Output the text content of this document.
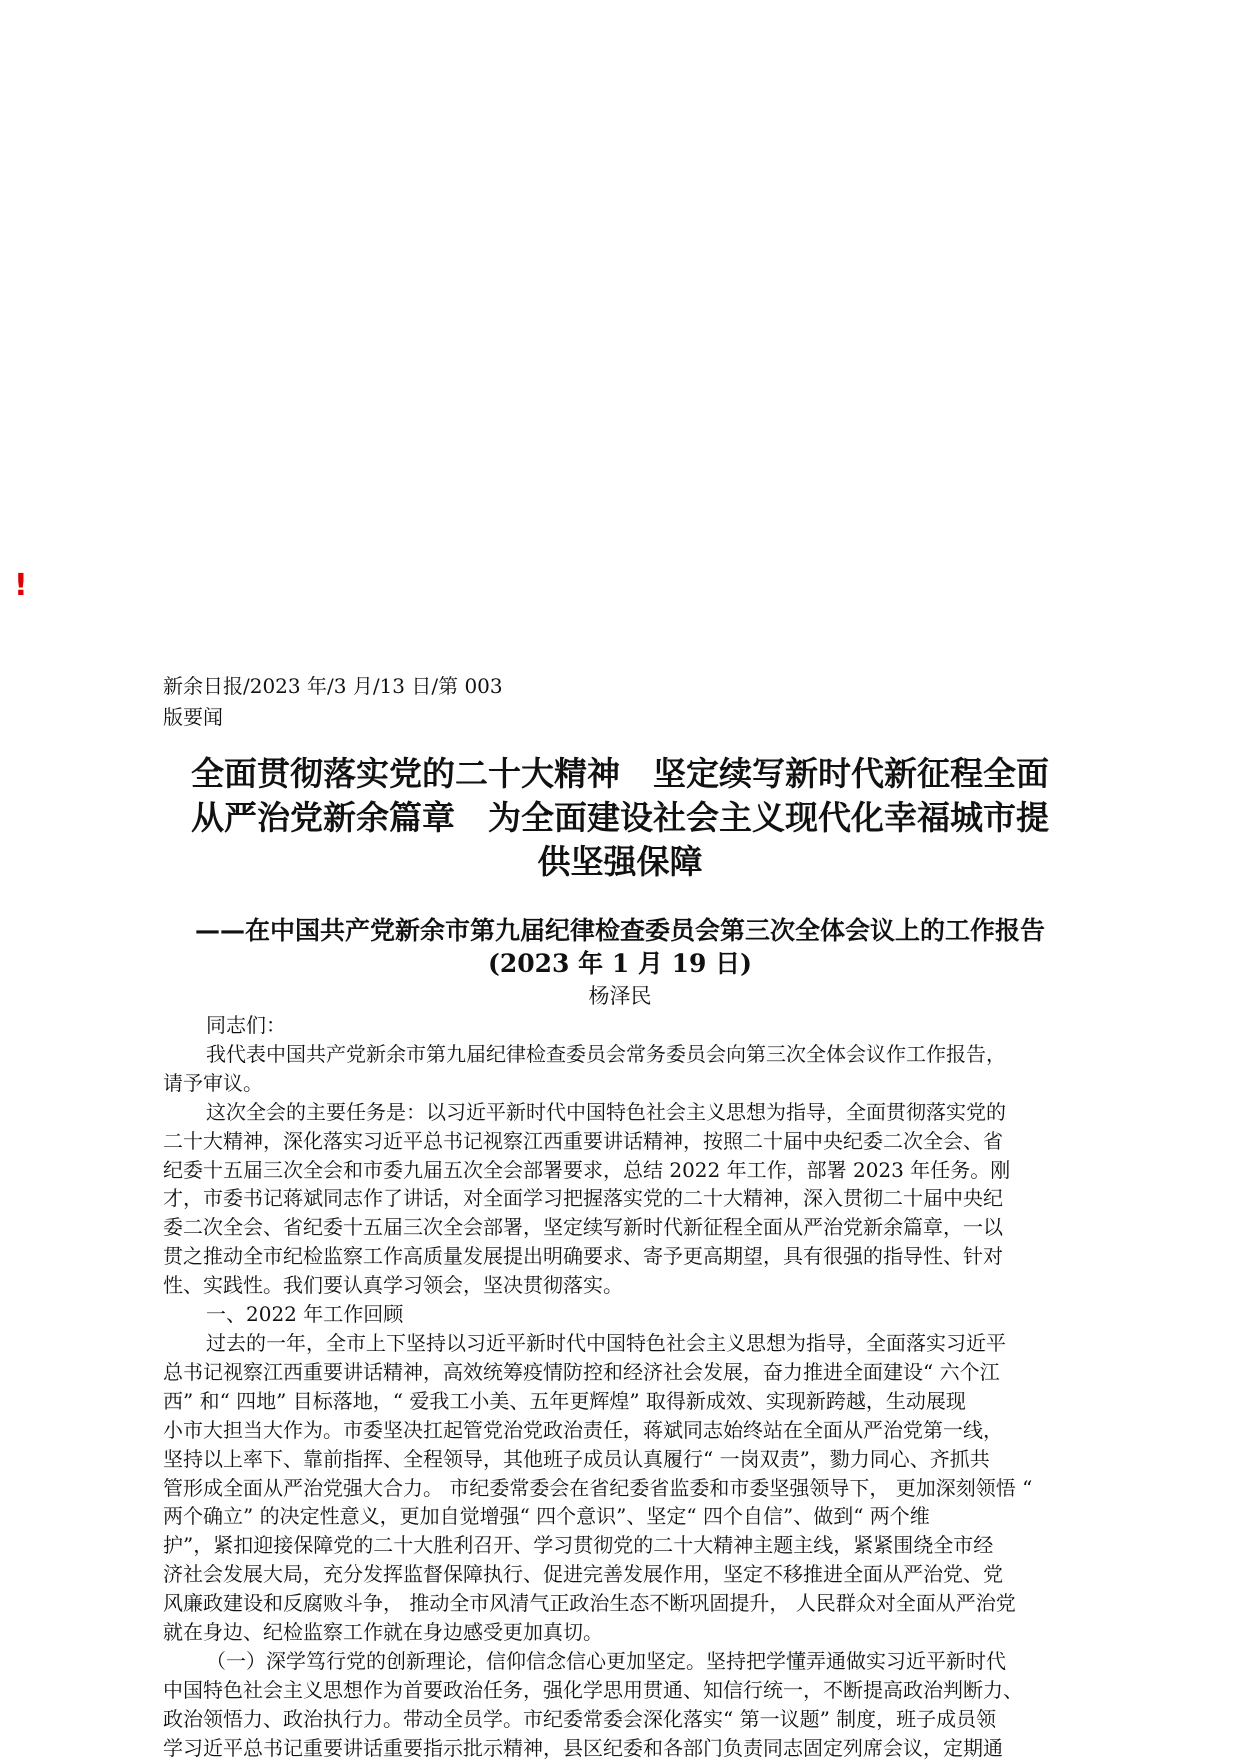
!
新余日报/2023 年/3 月/13 日/第 003
版要闻
全面贯彻落实党的二十大精神　坚定续写新时代新征程全面
从严治党新余篇章　为全面建设社会主义现代化幸福城市提
供坚强保障
——在中国共产党新余市第九届纪律检查委员会第三次全体会议上的工作报告
(2023 年 1 月 19 日)
杨泽民
同志们：
我代表中国共产党新余市第九届纪律检查委员会常务委员会向第三次全体会议作工作报告，
请予审议。
这次全会的主要任务是：以习近平新时代中国特色社会主义思想为指导，全面贯彻落实党的
二十大精神，深化落实习近平总书记视察江西重要讲话精神，按照二十届中央纪委二次全会、省
纪委十五届三次全会和市委九届五次全会部署要求，总结 2022 年工作，部署 2023 年任务。刚
才，市委书记蒋斌同志作了讲话，对全面学习把握落实党的二十大精神，深入贯彻二十届中央纪
委二次全会、省纪委十五届三次全会部署，坚定续写新时代新征程全面从严治党新余篇章，一以
贯之推动全市纪检监察工作高质量发展提出明确要求、寄予更高期望，具有很强的指导性、针对
性、实践性。我们要认真学习领会，坚决贯彻落实。
一、2022 年工作回顾
过去的一年，全市上下坚持以习近平新时代中国特色社会主义思想为指导，全面落实习近平
总书记视察江西重要讲话精神，高效统筹疫情防控和经济社会发展，奋力推进全面建设“ 六个江
西” 和“ 四地” 目标落地，“ 爱我工小美、五年更辉煌” 取得新成效、实现新跨越，生动展现
小市大担当大作为。市委坚决扛起管党治党政治责任，蒋斌同志始终站在全面从严治党第一线，
坚持以上率下、靠前指挥、全程领导，其他班子成员认真履行“ 一岗双责”，勠力同心、齐抓共
管形成全面从严治党强大合力。 市纪委常委会在省纪委省监委和市委坚强领导下， 更加深刻领悟 “
两个确立” 的决定性意义，更加自觉增强“ 四个意识”、坚定“ 四个自信”、做到“ 两个维
护”，紧扣迎接保障党的二十大胜利召开、学习贯彻党的二十大精神主题主线，紧紧围绕全市经
济社会发展大局，充分发挥监督保障执行、促进完善发展作用，坚定不移推进全面从严治党、党
风廉政建设和反腐败斗争， 推动全市风清气正政治生态不断巩固提升， 人民群众对全面从严治党
就在身边、纪检监察工作就在身边感受更加真切。
（一）深学笃行党的创新理论，信仰信念信心更加坚定。坚持把学懂弄通做实习近平新时代
中国特色社会主义思想作为首要政治任务，强化学思用贯通、知信行统一，不断提高政治判断力、
政治领悟力、政治执行力。带动全员学。市纪委常委会深化落实“ 第一议题” 制度，班子成员领
学习近平总书记重要讲话重要指示批示精神，县区纪委和各部门负责同志固定列席会议，定期通
